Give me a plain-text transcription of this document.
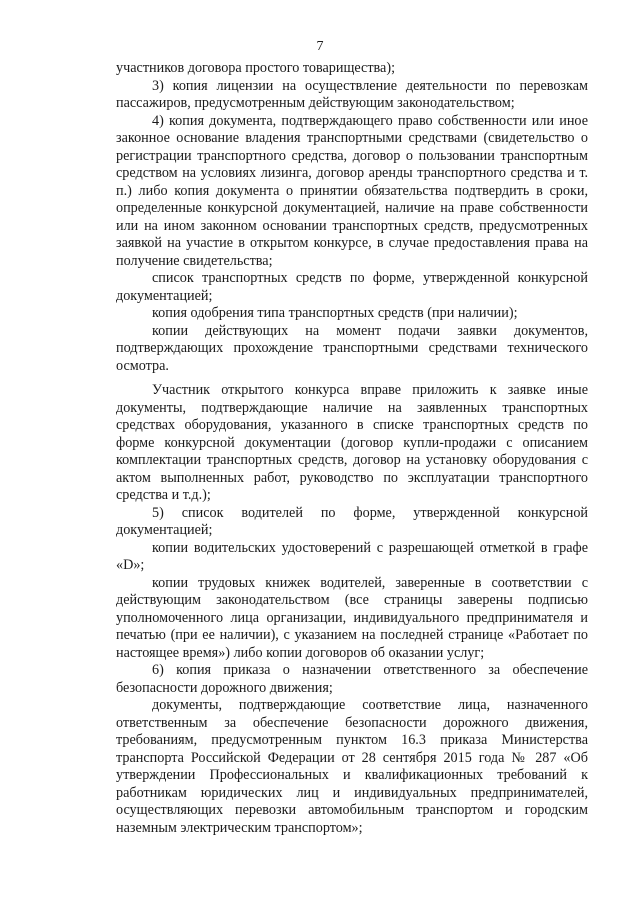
7

участников договора простого товарищества);

3) копия лицензии на осуществление деятельности по перевозкам пассажиров, предусмотренным действующим законодательством;

4) копия документа, подтверждающего право собственности или иное законное основание владения транспортными средствами (свидетельство о регистрации транспортного средства, договор о пользовании транспортным средством на условиях лизинга, договор аренды транспортного средства и т. п.) либо копия документа о принятии обязательства подтвердить в сроки, определенные конкурсной документацией, наличие на праве собственности или на ином законном основании транспортных средств, предусмотренных заявкой на участие в открытом конкурсе, в случае предоставления права на получение свидетельства;

список транспортных средств по форме, утвержденной конкурсной документацией;

копия одобрения типа транспортных средств (при наличии);

копии действующих на момент подачи заявки документов, подтверждающих прохождение транспортными средствами технического осмотра.

Участник открытого конкурса вправе приложить к заявке иные документы, подтверждающие наличие на заявленных транспортных средствах оборудования, указанного в списке транспортных средств по форме конкурсной документации (договор купли-продажи с описанием комплектации транспортных средств, договор на установку оборудования с актом выполненных работ, руководство по эксплуатации транспортного средства и т.д.);

5) список водителей по форме, утвержденной конкурсной документацией;

копии водительских удостоверений с разрешающей отметкой в графе «D»;

копии трудовых книжек водителей, заверенные в соответствии с действующим законодательством (все страницы заверены подписью уполномоченного лица организации, индивидуального предпринимателя и печатью (при ее наличии), с указанием на последней странице «Работает по настоящее время») либо копии договоров об оказании услуг;

6) копия приказа о назначении ответственного за обеспечение безопасности дорожного движения;

документы, подтверждающие соответствие лица, назначенного ответственным за обеспечение безопасности дорожного движения, требованиям, предусмотренным пунктом 16.3 приказа Министерства транспорта Российской Федерации от 28 сентября 2015 года № 287 «Об утверждении Профессиональных и квалификационных требований к работникам юридических лиц и индивидуальных предпринимателей, осуществляющих перевозки автомобильным транспортом и городским наземным электрическим транспортом»;
